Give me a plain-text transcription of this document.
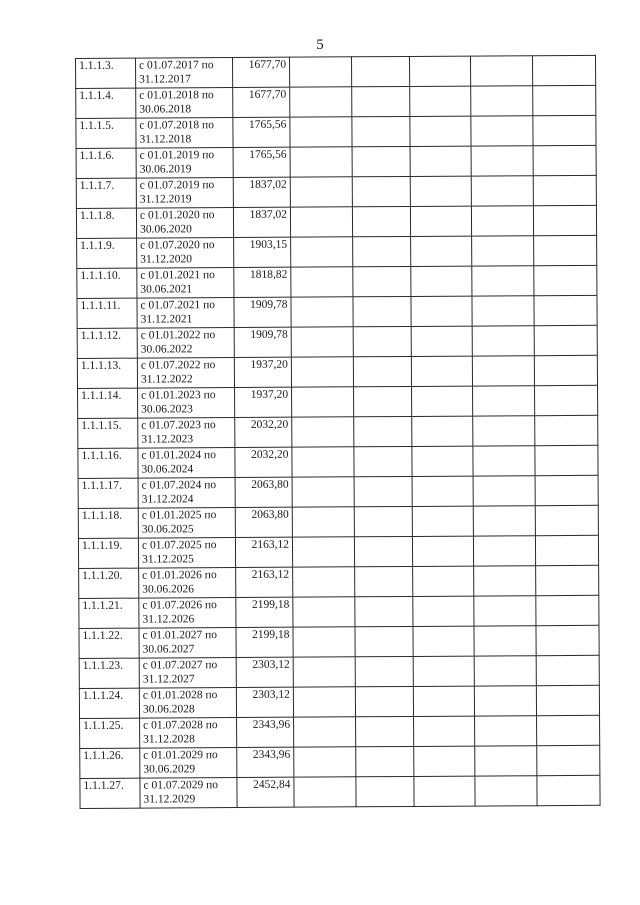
5
1.1.1.3.	с 01.07.2017 по
31.12.2017	1677,70					
1.1.1.4.	с 01.01.2018 по
30.06.2018	1677,70					
1.1.1.5.	с 01.07.2018 по
31.12.2018	1765,56					
1.1.1.6.	с 01.01.2019 по
30.06.2019	1765,56					
1.1.1.7.	с 01.07.2019 по
31.12.2019	1837,02					
1.1.1.8.	с 01.01.2020 по
30.06.2020	1837,02					
1.1.1.9.	с 01.07.2020 по
31.12.2020	1903,15					
1.1.1.10.	с 01.01.2021 по
30.06.2021	1818,82					
1.1.1.11.	с 01.07.2021 по
31.12.2021	1909,78					
1.1.1.12.	с 01.01.2022 по
30.06.2022	1909,78					
1.1.1.13.	с 01.07.2022 по
31.12.2022	1937,20					
1.1.1.14.	с 01.01.2023 по
30.06.2023	1937,20					
1.1.1.15.	с 01.07.2023 по
31.12.2023	2032,20					
1.1.1.16.	с 01.01.2024 по
30.06.2024	2032,20					
1.1.1.17.	с 01.07.2024 по
31.12.2024	2063,80					
1.1.1.18.	с 01.01.2025 по
30.06.2025	2063,80					
1.1.1.19.	с 01.07.2025 по
31.12.2025	2163,12					
1.1.1.20.	с 01.01.2026 по
30.06.2026	2163,12					
1.1.1.21.	с 01.07.2026 по
31.12.2026	2199,18					
1.1.1.22.	с 01.01.2027 по
30.06.2027	2199,18					
1.1.1.23.	с 01.07.2027 по
31.12.2027	2303,12					
1.1.1.24.	с 01.01.2028 по
30.06.2028	2303,12					
1.1.1.25.	с 01.07.2028 по
31.12.2028	2343,96					
1.1.1.26.	с 01.01.2029 по
30.06.2029	2343,96					
1.1.1.27.	с 01.07.2029 по
31.12.2029	2452,84					
